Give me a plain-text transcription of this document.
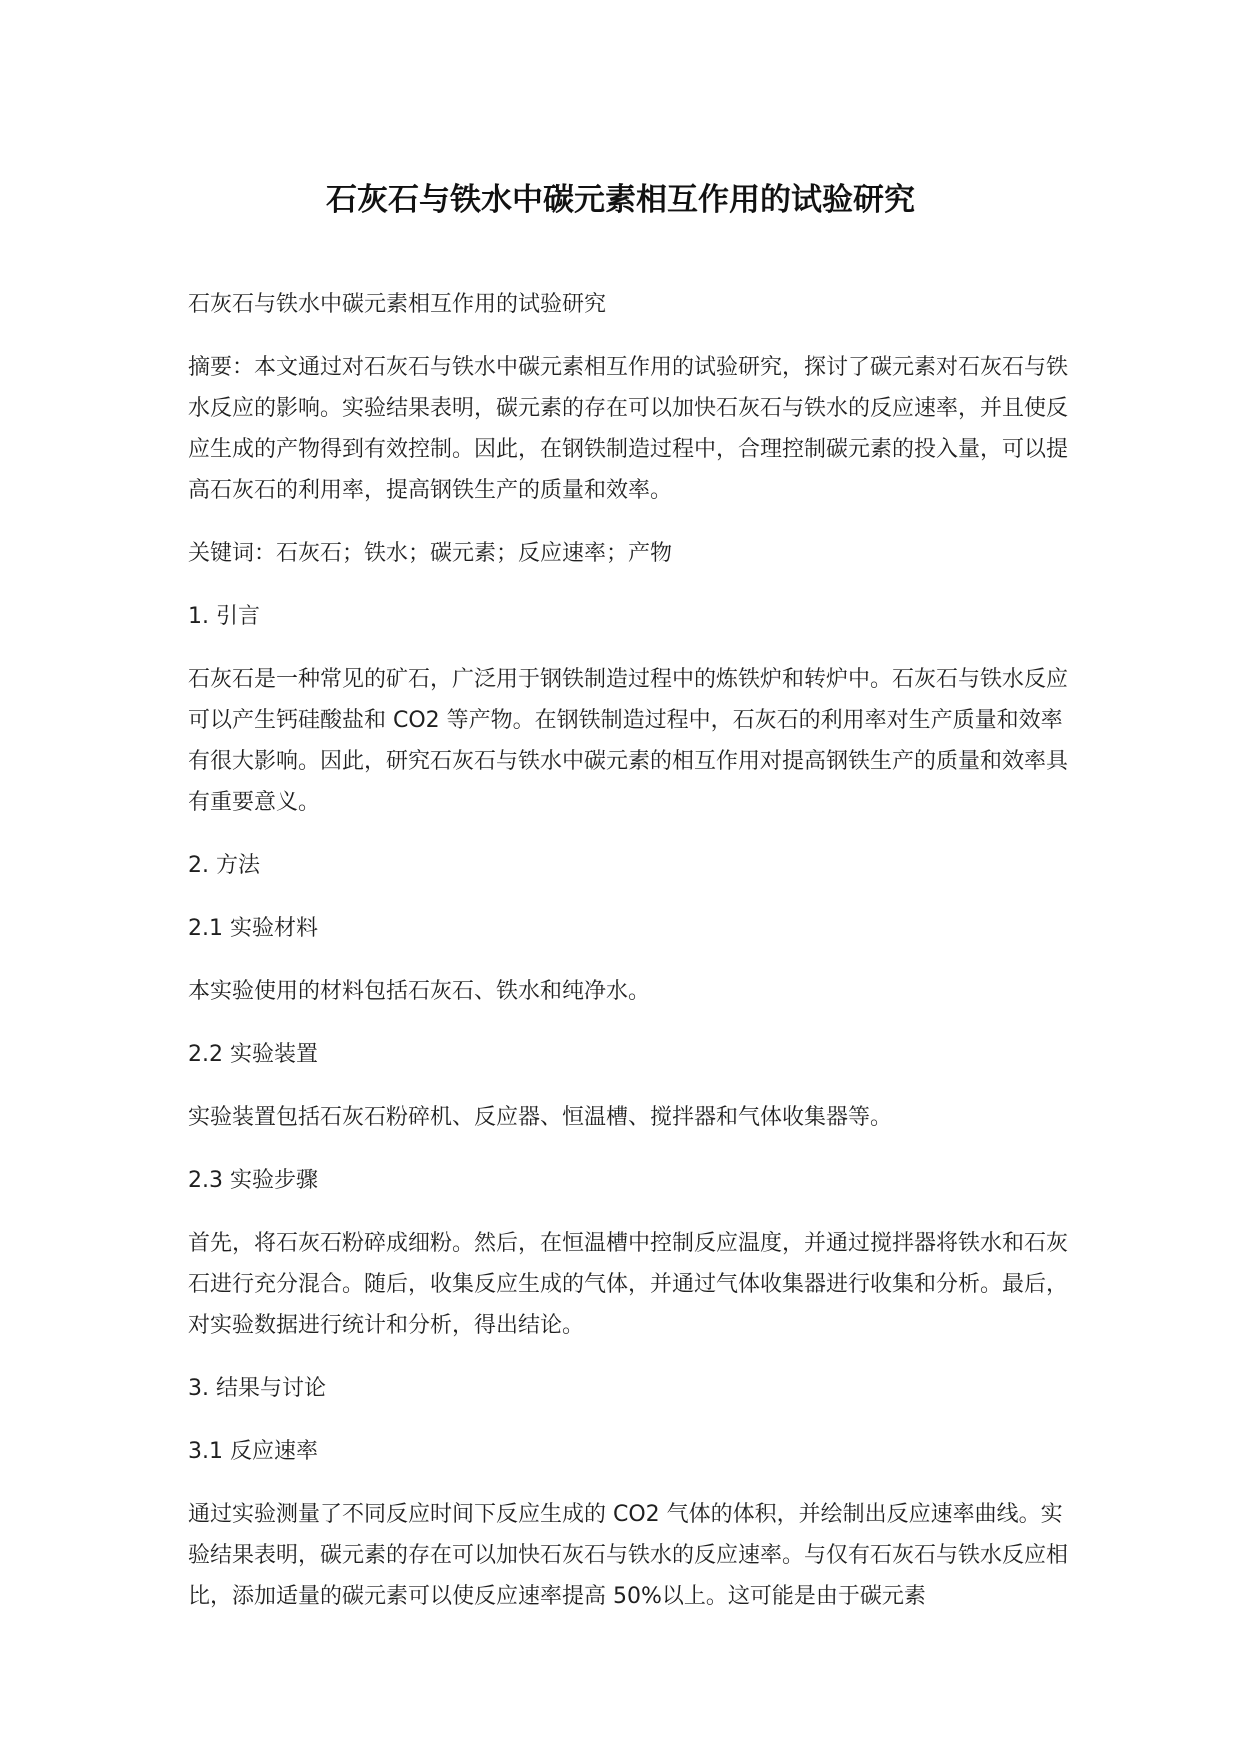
石灰石与铁水中碳元素相互作用的试验研究

石灰石与铁水中碳元素相互作用的试验研究

摘要：本文通过对石灰石与铁水中碳元素相互作用的试验研究，探讨了碳元素对石灰石与铁水反应的影响。实验结果表明，碳元素的存在可以加快石灰石与铁水的反应速率，并且使反应生成的产物得到有效控制。因此，在钢铁制造过程中，合理控制碳元素的投入量，可以提高石灰石的利用率，提高钢铁生产的质量和效率。

关键词：石灰石；铁水；碳元素；反应速率；产物

1. 引言

石灰石是一种常见的矿石，广泛用于钢铁制造过程中的炼铁炉和转炉中。石灰石与铁水反应可以产生钙硅酸盐和 CO2 等产物。在钢铁制造过程中，石灰石的利用率对生产质量和效率有很大影响。因此，研究石灰石与铁水中碳元素的相互作用对提高钢铁生产的质量和效率具有重要意义。

2. 方法

2.1 实验材料

本实验使用的材料包括石灰石、铁水和纯净水。

2.2 实验装置

实验装置包括石灰石粉碎机、反应器、恒温槽、搅拌器和气体收集器等。

2.3 实验步骤

首先，将石灰石粉碎成细粉。然后，在恒温槽中控制反应温度，并通过搅拌器将铁水和石灰石进行充分混合。随后，收集反应生成的气体，并通过气体收集器进行收集和分析。最后，对实验数据进行统计和分析，得出结论。

3. 结果与讨论

3.1 反应速率

通过实验测量了不同反应时间下反应生成的 CO2 气体的体积，并绘制出反应速率曲线。实验结果表明，碳元素的存在可以加快石灰石与铁水的反应速率。与仅有石灰石与铁水反应相比，添加适量的碳元素可以使反应速率提高 50%以上。这可能是由于碳元素
